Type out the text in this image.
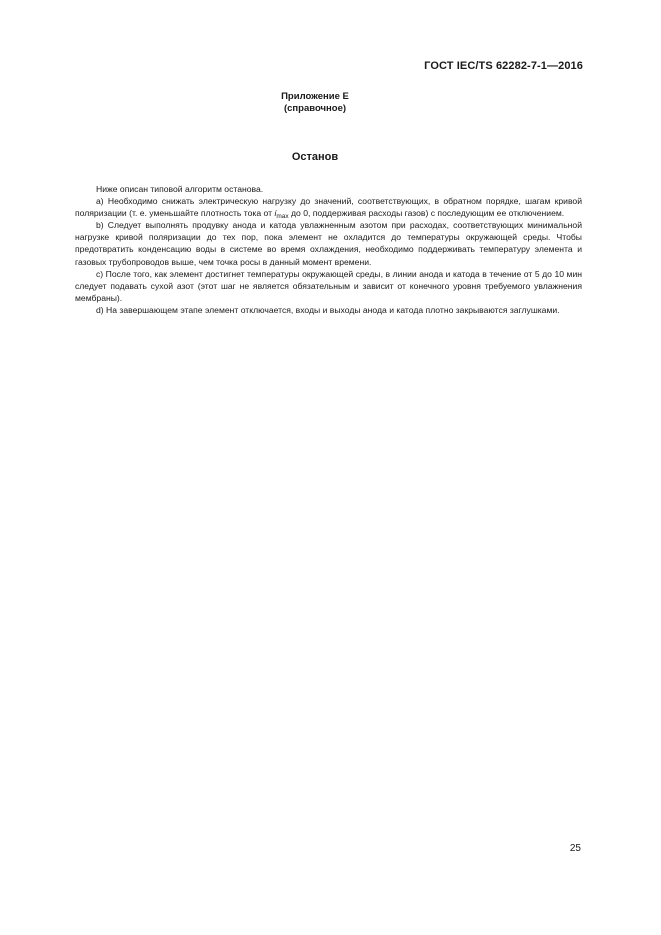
ГОСТ IEC/TS 62282-7-1—2016
Приложение Е
(справочное)
Останов

Ниже описан типовой алгоритм останова.

а) Необходимо снижать электрическую нагрузку до значений, соответствующих, в обратном порядке, шагам кривой поляризации (т. е. уменьшайте плотность тока от $i_{max}$ до 0, поддерживая расходы газов) с последующим ее отключением.

b) Следует выполнять продувку анода и катода увлажненным азотом при расходах, соответствующих минимальной нагрузке кривой поляризации до тех пор, пока элемент не охладится до температуры окружающей среды. Чтобы предотвратить конденсацию воды в системе во время охлаждения, необходимо поддерживать температуру элемента и газовых трубопроводов выше, чем точка росы в данный момент времени.

с) После того, как элемент достигнет температуры окружающей среды, в линии анода и катода в течение от 5 до 10 мин следует подавать сухой азот (этот шаг не является обязательным и зависит от конечного уровня требуемого увлажнения мембраны).

d) На завершающем этапе элемент отключается, входы и выходы анода и катода плотно закрываются заглушками.

25
